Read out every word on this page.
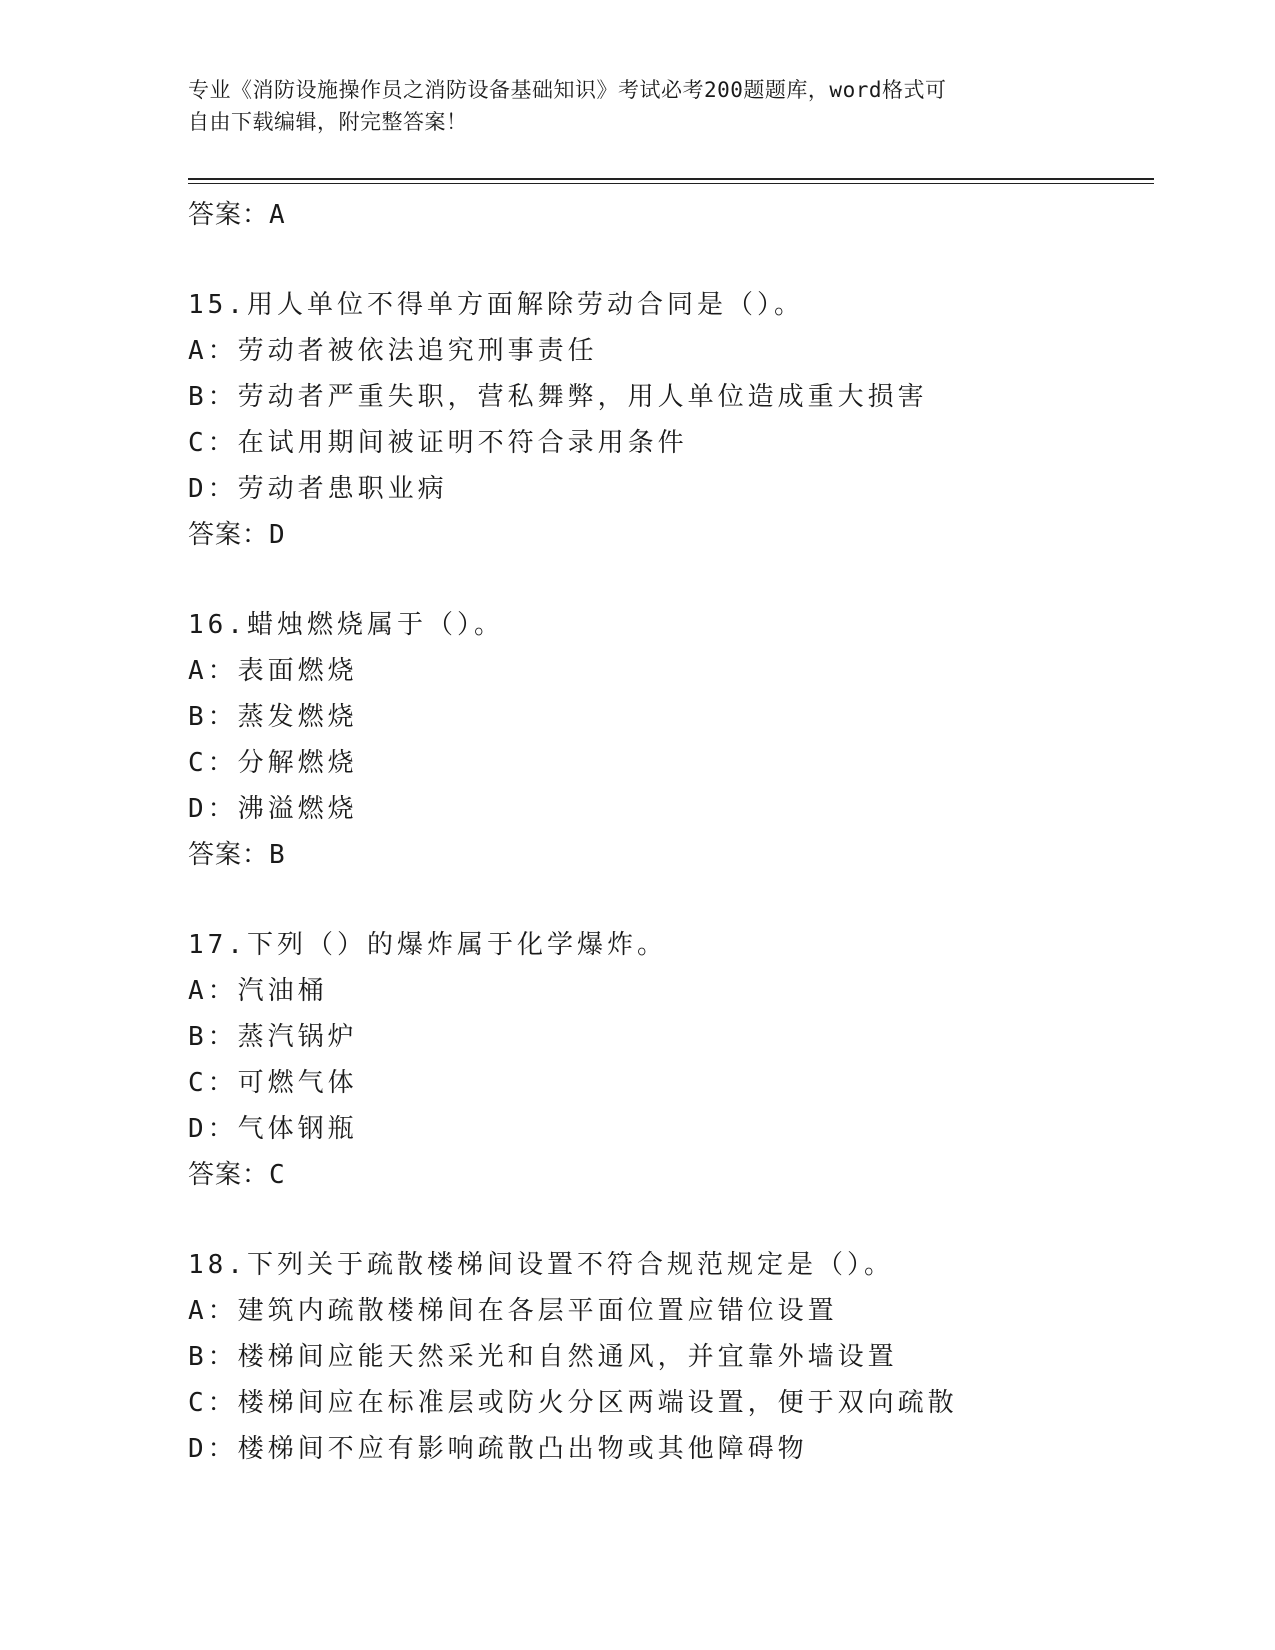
专业《消防设施操作员之消防设备基础知识》考试必考200题题库，word格式可
自由下载编辑，附完整答案！
答案：A
15.用人单位不得单方面解除劳动合同是（）。
A：劳动者被依法追究刑事责任
B：劳动者严重失职，营私舞弊，用人单位造成重大损害
C：在试用期间被证明不符合录用条件
D：劳动者患职业病
答案：D
16.蜡烛燃烧属于（）。
A：表面燃烧
B：蒸发燃烧
C：分解燃烧
D：沸溢燃烧
答案：B
17.下列（）的爆炸属于化学爆炸。
A：汽油桶
B：蒸汽锅炉
C：可燃气体
D：气体钢瓶
答案：C
18.下列关于疏散楼梯间设置不符合规范规定是（）。
A：建筑内疏散楼梯间在各层平面位置应错位设置
B：楼梯间应能天然采光和自然通风，并宜靠外墙设置
C：楼梯间应在标准层或防火分区两端设置，便于双向疏散
D：楼梯间不应有影响疏散凸出物或其他障碍物
